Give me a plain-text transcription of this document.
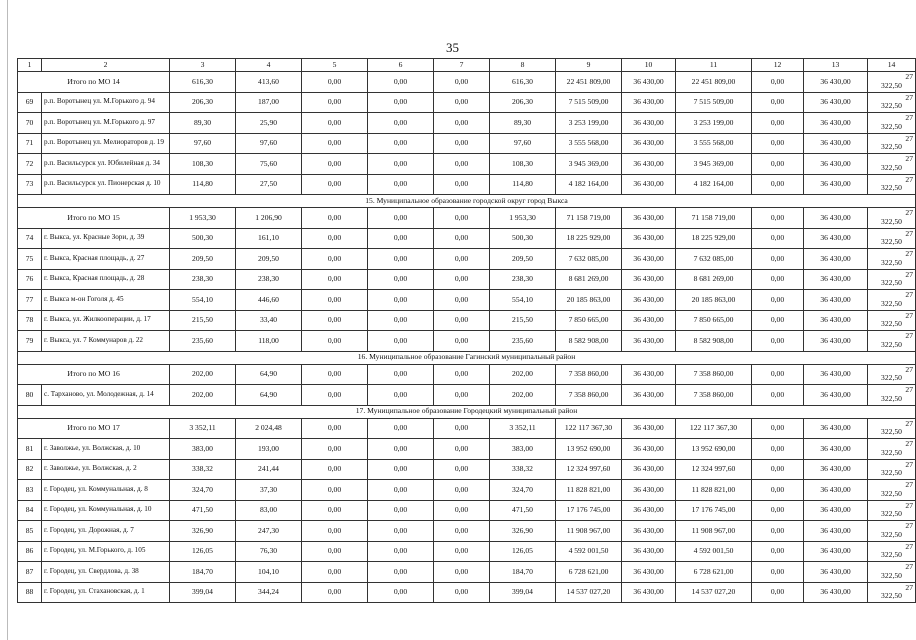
35
1	2	3	4	5	6	7	8	9	10	11	12	13	14
Итого по МО 14		616,30	413,60	0,00	0,00	0,00	616,30	22 451 809,00	36 430,00	22 451 809,00	0,00	36 430,00	27
322,50

69	р.п. Воротынец ул. М.Горького д. 94	206,30	187,00	0,00	0,00	0,00	206,30	7 515 509,00	36 430,00	7 515 509,00	0,00	36 430,00	27
322,50

70	р.п. Воротынец ул. М.Горького д. 97	89,30	25,90	0,00	0,00	0,00	89,30	3 253 199,00	36 430,00	3 253 199,00	0,00	36 430,00	27
322,50

71	р.п. Воротынец ул. Мелиораторов д. 19	97,60	97,60	0,00	0,00	0,00	97,60	3 555 568,00	36 430,00	3 555 568,00	0,00	36 430,00	27
322,50

72	р.п. Васильсурск ул. Юбилейная д. 34	108,30	75,60	0,00	0,00	0,00	108,30	3 945 369,00	36 430,00	3 945 369,00	0,00	36 430,00	27
322,50

73	р.п. Васильсурск ул. Пионерская д. 10	114,80	27,50	0,00	0,00	0,00	114,80	4 182 164,00	36 430,00	4 182 164,00	0,00	36 430,00	27
322,50

15. Муниципальное образование городской округ город Выкса													
Итого по МО 15		1 953,30	1 206,90	0,00	0,00	0,00	1 953,30	71 158 719,00	36 430,00	71 158 719,00	0,00	36 430,00	27
322,50

74	г. Выкса, ул. Красные Зори, д. 39	500,30	161,10	0,00	0,00	0,00	500,30	18 225 929,00	36 430,00	18 225 929,00	0,00	36 430,00	27
322,50

75	г. Выкса, Красная площадь, д. 27	209,50	209,50	0,00	0,00	0,00	209,50	7 632 085,00	36 430,00	7 632 085,00	0,00	36 430,00	27
322,50

76	г. Выкса, Красная площадь, д. 28	238,30	238,30	0,00	0,00	0,00	238,30	8 681 269,00	36 430,00	8 681 269,00	0,00	36 430,00	27
322,50

77	г. Выкса м-он Гоголя д. 45	554,10	446,60	0,00	0,00	0,00	554,10	20 185 863,00	36 430,00	20 185 863,00	0,00	36 430,00	27
322,50

78	г. Выкса, ул. Жилкооперации, д. 17	215,50	33,40	0,00	0,00	0,00	215,50	7 850 665,00	36 430,00	7 850 665,00	0,00	36 430,00	27
322,50

79	г. Выкса, ул. 7 Коммунаров д. 22	235,60	118,00	0,00	0,00	0,00	235,60	8 582 908,00	36 430,00	8 582 908,00	0,00	36 430,00	27
322,50

16. Муниципальное образование Гагинский муниципальный район													
Итого по МО 16		202,00	64,90	0,00	0,00	0,00	202,00	7 358 860,00	36 430,00	7 358 860,00	0,00	36 430,00	27
322,50

80	с. Тарханово, ул. Молодежная, д. 14	202,00	64,90	0,00	0,00	0,00	202,00	7 358 860,00	36 430,00	7 358 860,00	0,00	36 430,00	27
322,50

17. Муниципальное образование Городецкий муниципальный район													
Итого по МО 17		3 352,11	2 024,48	0,00	0,00	0,00	3 352,11	122 117 367,30	36 430,00	122 117 367,30	0,00	36 430,00	27
322,50

81	г. Заволжье, ул. Волжская, д. 10	383,00	193,00	0,00	0,00	0,00	383,00	13 952 690,00	36 430,00	13 952 690,00	0,00	36 430,00	27
322,50

82	г. Заволжье, ул. Волжская, д. 2	338,32	241,44	0,00	0,00	0,00	338,32	12 324 997,60	36 430,00	12 324 997,60	0,00	36 430,00	27
322,50

83	г. Городец, ул. Коммунальная, д. 8	324,70	37,30	0,00	0,00	0,00	324,70	11 828 821,00	36 430,00	11 828 821,00	0,00	36 430,00	27
322,50

84	г. Городец, ул. Коммунальная, д. 10	471,50	83,00	0,00	0,00	0,00	471,50	17 176 745,00	36 430,00	17 176 745,00	0,00	36 430,00	27
322,50

85	г. Городец, ул. Дорожная, д. 7	326,90	247,30	0,00	0,00	0,00	326,90	11 908 967,00	36 430,00	11 908 967,00	0,00	36 430,00	27
322,50

86	г. Городец, ул. М.Горького, д. 105	126,05	76,30	0,00	0,00	0,00	126,05	4 592 001,50	36 430,00	4 592 001,50	0,00	36 430,00	27
322,50

87	г. Городец, ул. Свердлова, д. 38	184,70	104,10	0,00	0,00	0,00	184,70	6 728 621,00	36 430,00	6 728 621,00	0,00	36 430,00	27
322,50

88	г. Городец, ул. Стахановская, д. 1	399,04	344,24	0,00	0,00	0,00	399,04	14 537 027,20	36 430,00	14 537 027,20	0,00	36 430,00	27
322,50
